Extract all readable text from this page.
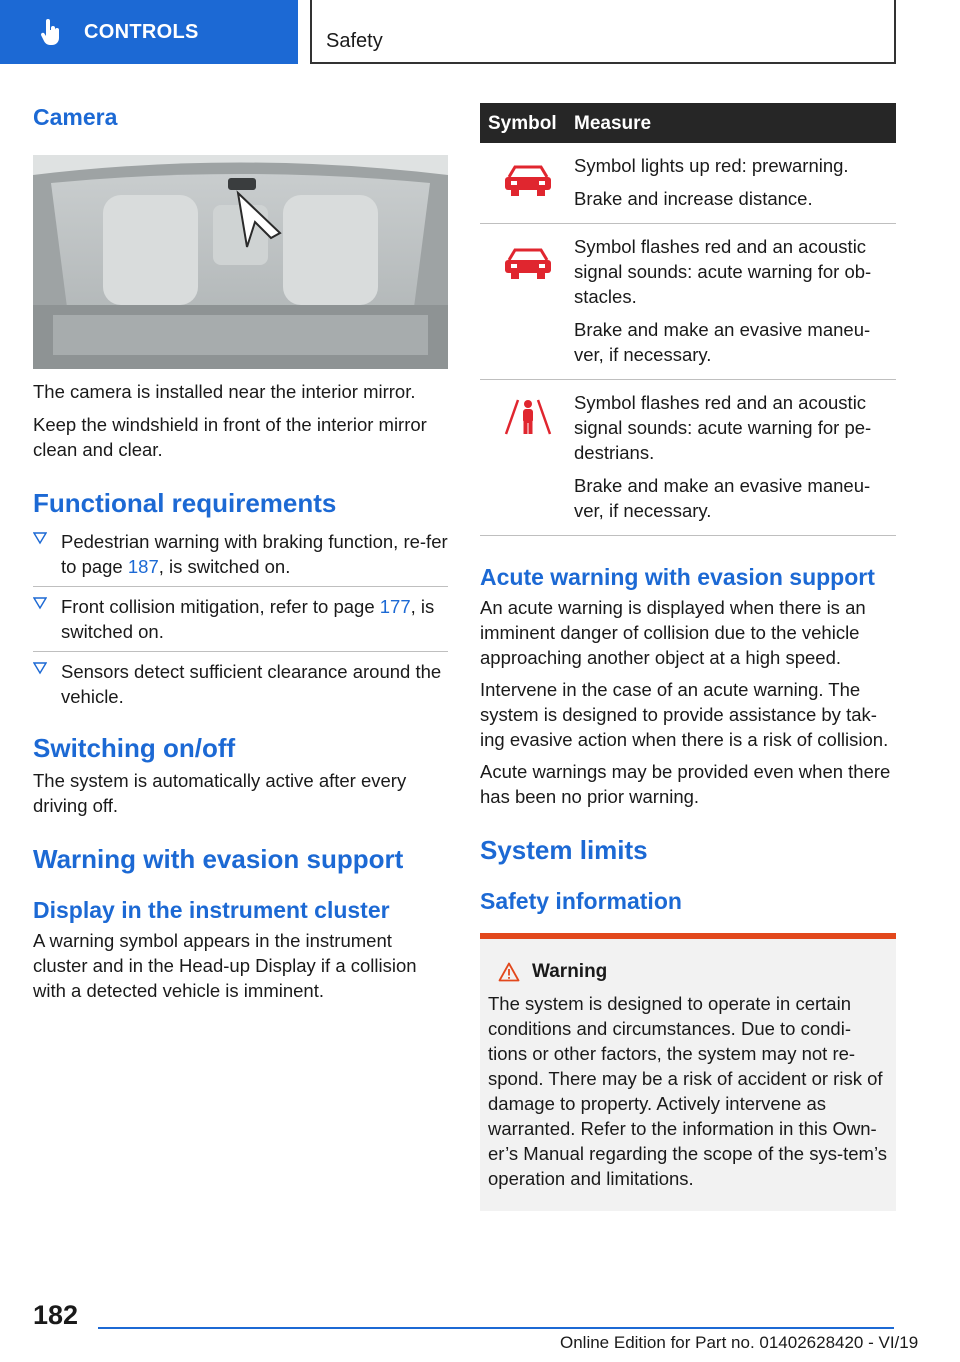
CONTROLS	Safety
Camera
The camera is installed near the interior mirror.
Keep the windshield in front of the interior mirror clean and clear.
Functional requirements
Pedestrian warning with braking function, re-fer to page 187, is switched on.
Front collision mitigation, refer to page 177, is switched on.
Sensors detect sufficient clearance around the vehicle.
Switching on/off
The system is automatically active after every driving off.
Warning with evasion support
Display in the instrument cluster
A warning symbol appears in the instrument cluster and in the Head-up Display if a collision with a detected vehicle is imminent.
Symbol Measure
Symbol lights up red: prewarning.
Brake and increase distance.
Symbol flashes red and an acoustic signal sounds: acute warning for ob-stacles.
Brake and make an evasive maneu-ver, if necessary.
Symbol flashes red and an acoustic signal sounds: acute warning for pe-destrians.
Brake and make an evasive maneu-ver, if necessary.
Acute warning with evasion support
An acute warning is displayed when there is an imminent danger of collision due to the vehicle approaching another object at a high speed.
Intervene in the case of an acute warning. The system is designed to provide assistance by tak-ing evasive action when there is a risk of collision.
Acute warnings may be provided even when there has been no prior warning.
System limits
Safety information
Warning
The system is designed to operate in certain conditions and circumstances. Due to condi-tions or other factors, the system may not re-spond. There may be a risk of accident or risk of damage to property. Actively intervene as warranted. Refer to the information in this Own-er’s Manual regarding the scope of the sys-tem’s operation and limitations.
182
Online Edition for Part no. 01402628420 - VI/19
